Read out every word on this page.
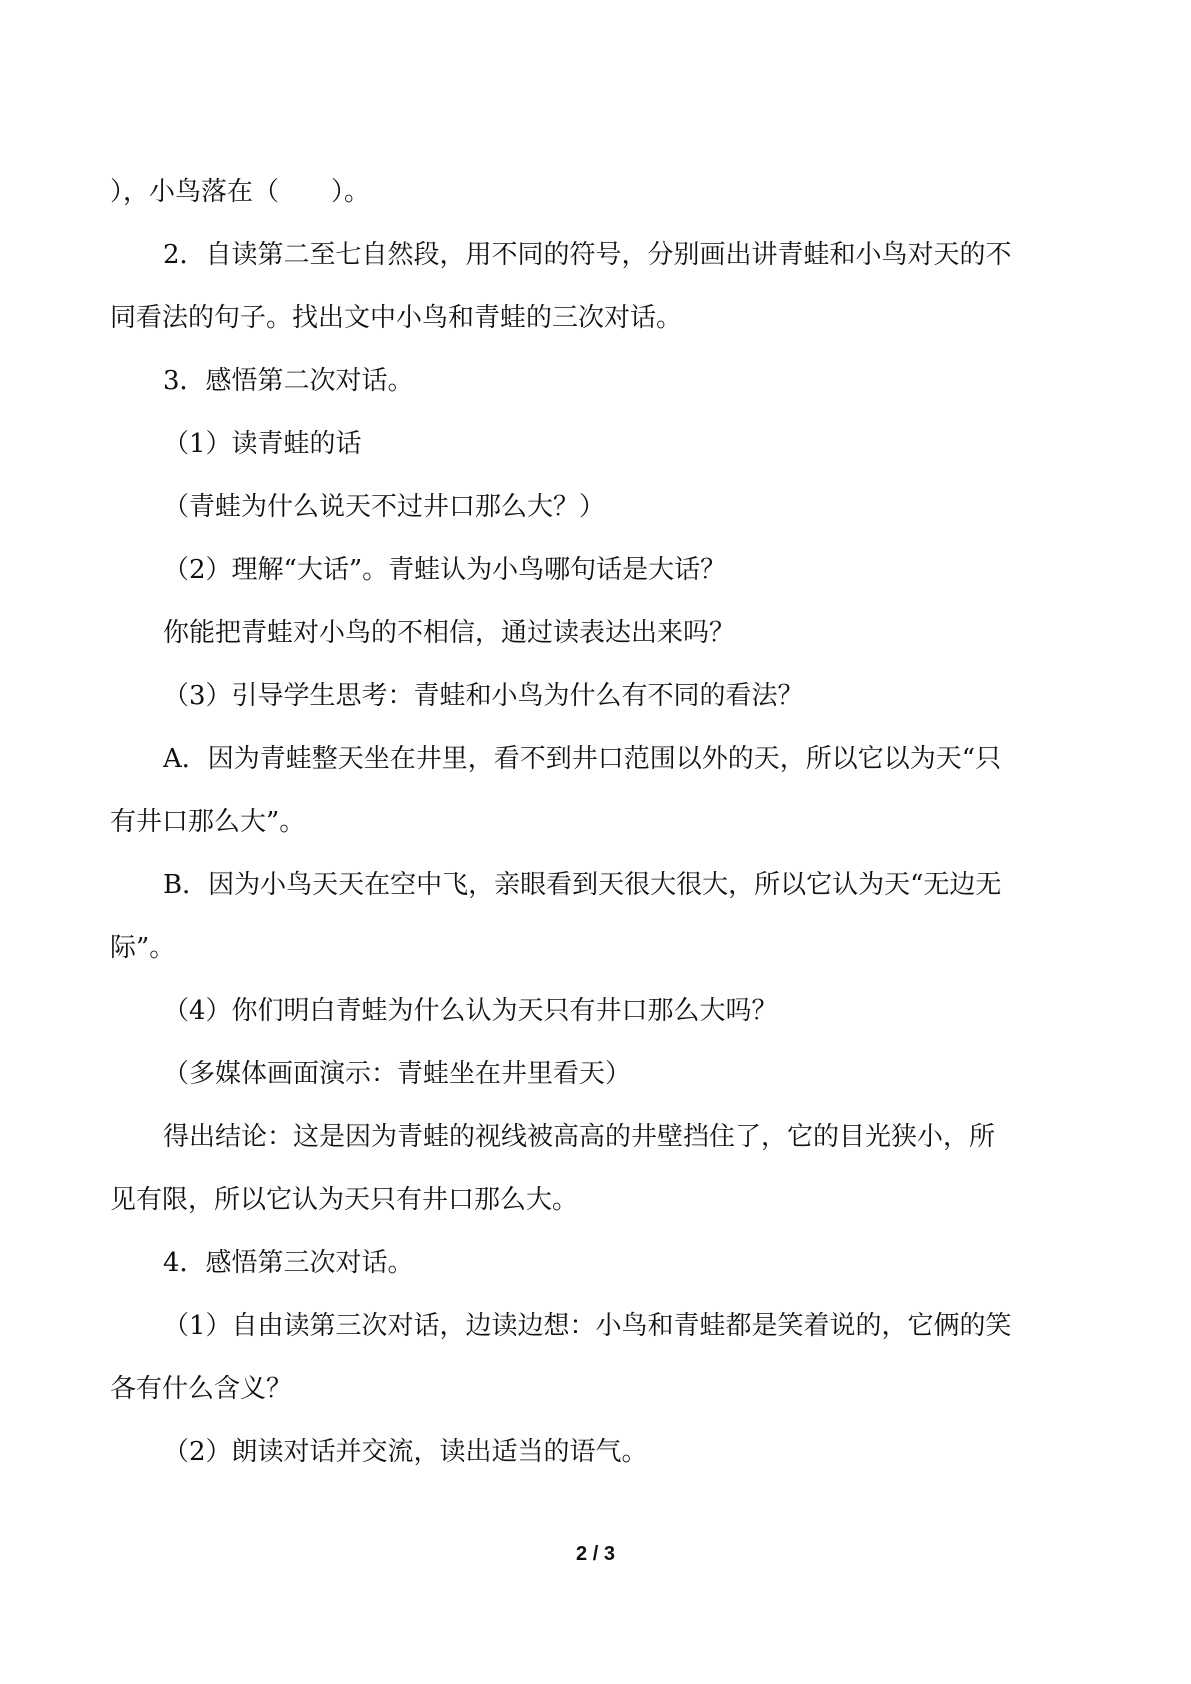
），小鸟落在（　　）。
2．自读第二至七自然段，用不同的符号，分别画出讲青蛙和小鸟对天的不
同看法的句子。找出文中小鸟和青蛙的三次对话。
3．感悟第二次对话。
（1）读青蛙的话
（青蛙为什么说天不过井口那么大？）
（2）理解“大话”。青蛙认为小鸟哪句话是大话？
你能把青蛙对小鸟的不相信，通过读表达出来吗？
（3）引导学生思考：青蛙和小鸟为什么有不同的看法？
A．因为青蛙整天坐在井里，看不到井口范围以外的天，所以它以为天“只
有井口那么大”。
B．因为小鸟天天在空中飞，亲眼看到天很大很大，所以它认为天“无边无
际”。
（4）你们明白青蛙为什么认为天只有井口那么大吗？
（多媒体画面演示：青蛙坐在井里看天）
得出结论：这是因为青蛙的视线被高高的井壁挡住了，它的目光狭小，所
见有限，所以它认为天只有井口那么大。
4．感悟第三次对话。
（1）自由读第三次对话，边读边想：小鸟和青蛙都是笑着说的，它俩的笑
各有什么含义？
（2）朗读对话并交流，读出适当的语气。
2 / 3
